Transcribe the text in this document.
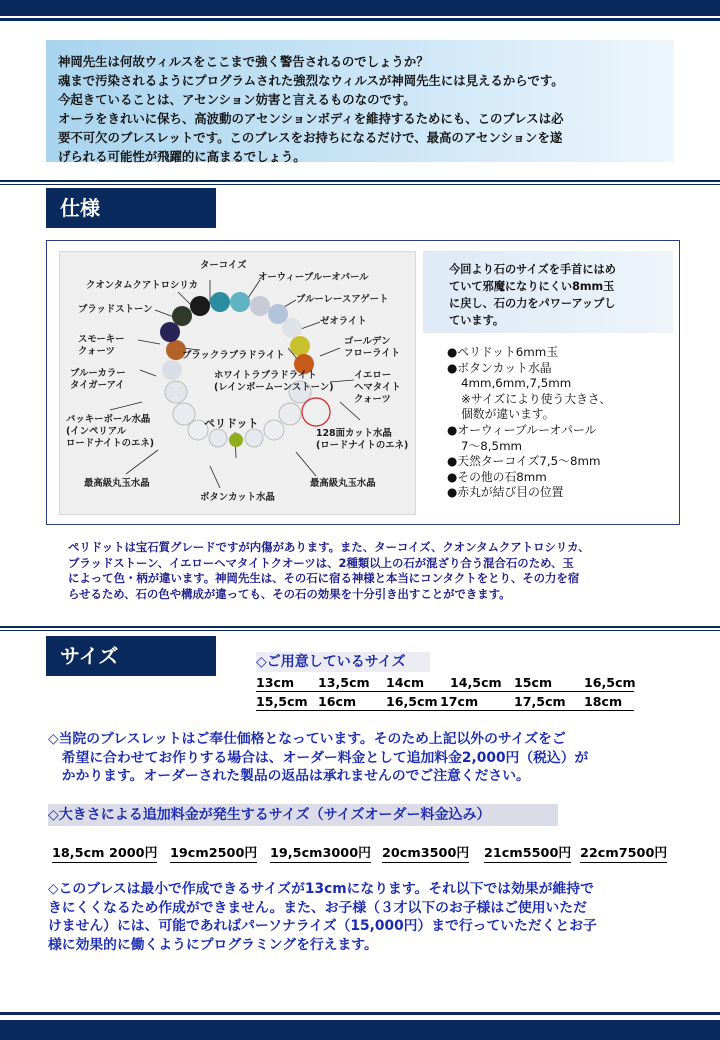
神岡先生は何故ウィルスをここまで強く警告されるのでしょうか？

魂まで汚染されるようにプログラムされた強烈なウィルスが神岡先生には見えるからです。

今起きていることは、アセンション妨害と言えるものなのです。

オーラをきれいに保ち、高波動のアセンションボディを維持するためにも、このブレスは必

要不可欠のブレスレットです。このブレスをお持ちになるだけで、最高のアセンションを遂

げられる可能性が飛躍的に高まるでしょう。

仕様
ターコイズ
クオンタムクアトロシリカ
オーウィーブルーオパール
ブラッドストーン
ブルーレースアゲート
ゼオライト
スモーキー
クォーツ
ゴールデン
フローライト
ブラックラブラドライト
ホワイトラブラドライト
(レインボームーンストーン)
ブルーカラー
タイガーアイ
イエロー
ヘマタイト
クォーツ
バッキーボール水晶
(インペリアル
ロードナイトのエネ)
128面カット水晶
(ロードナイトのエネ)
ペリドット
最高級丸玉水晶	最高級丸玉水晶
ボタンカット水晶

今回より石のサイズを手首にはめ

ていて邪魔になりにくい8mm玉

に戻し、石の力をパワーアップし

ています。

●ペリドット6mm玉
●ボタンカット水晶
4mm,6mm,7,5mm
※サイズにより使う大きさ、
個数が違います。
●オーウィーブルーオパール
7～8,5mm
●天然ターコイズ7,5～8mm
●その他の石8mm
●赤丸が結び目の位置

ペリドットは宝石質グレードですが内傷があります。また、ターコイズ、クオンタムクアトロシリカ、

ブラッドストーン、イエローヘマタイトクオーツは、2種類以上の石が混ざり合う混合石のため、玉

によって色・柄が違います。神岡先生は、その石に宿る神様と本当にコンタクトをとり、その力を宿

らせるため、石の色や構成が違っても、その石の効果を十分引き出すことができます。

サイズ	◇ご用意しているサイズ
13cm 13,5cm 14cm 14,5cm 15cm	16,5cm
15,5cm 16cm 16,5cm 17cm	17,5cm 18cm

◇当院のブレスレットはご奉仕価格となっています。そのため上記以外のサイズをご

　希望に合わせてお作りする場合は、オーダー料金として追加料金2,000円（税込）が

　かかります。オーダーされた製品の返品は承れませんのでご注意ください。

◇大きさによる追加料金が発生するサイズ（サイズオーダー料金込み）
18,5cm 2000円 19cm2500円 19,5cm3000円 20cm3500円 21cm5500円 22cm7500円

◇このブレスは最小で作成できるサイズが13cmになります。それ以下では効果が維持で

きにくくなるため作成ができません。また、お子様（３才以下のお子様はご使用いただ

けません）には、可能であればパーソナライズ（15,000円）まで行っていただくとお子

様に効果的に働くようにプログラミングを行えます。
